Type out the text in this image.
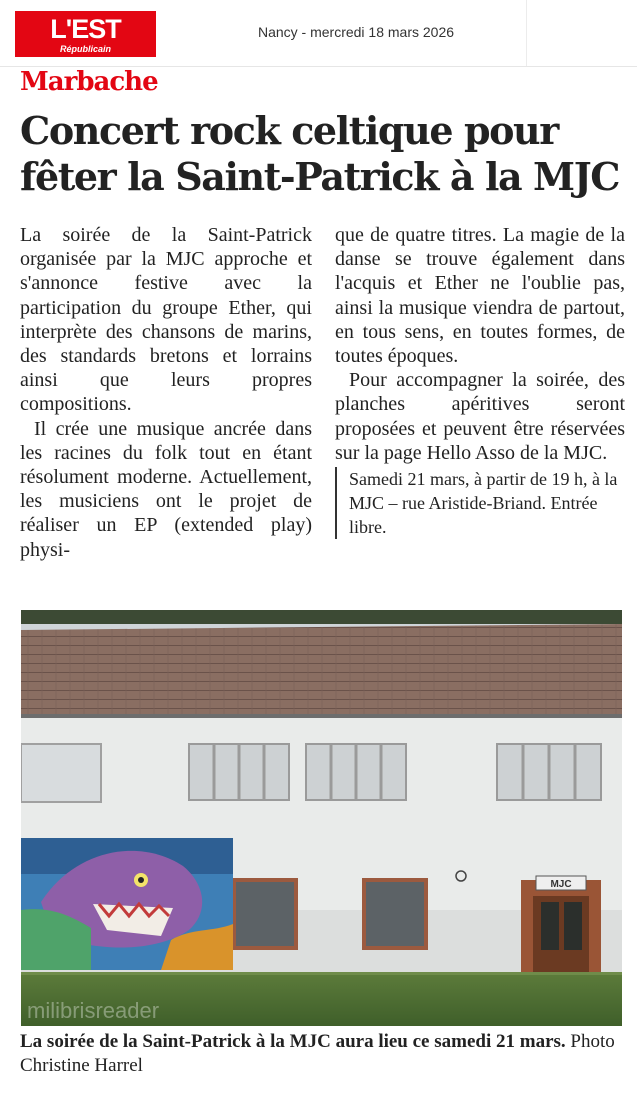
L'EST
Républicain
Nancy - mercredi 18 mars 2026
Marbache
Concert rock celtique pour fêter la Saint-Patrick à la MJC

La soirée de la Saint-Patrick organisée par la MJC approche et s'annonce festive avec la participation du groupe Ether, qui interprète des chansons de marins, des standards bretons et lorrains ainsi que leurs propres compositions.

Il crée une musique ancrée dans les racines du folk tout en étant résolument moderne. Actuellement, les musiciens ont le projet de réaliser un EP (extended play) physi-

que de quatre titres. La magie de la danse se trouve également dans l'acquis et Ether ne l'oublie pas, ainsi la musique viendra de partout, en tous sens, en toutes formes, de toutes époques.

Pour accompagner la soirée, des planches apéritives seront proposées et peuvent être réservées sur la page Hello Asso de la MJC.

Samedi 21 mars, à partir de 19 h, à la MJC – rue Aristide-Briand. Entrée libre.
MJC
milibrisreader
La soirée de la Saint-Patrick à la MJC aura lieu ce samedi 21 mars. Photo Christine Harrel
